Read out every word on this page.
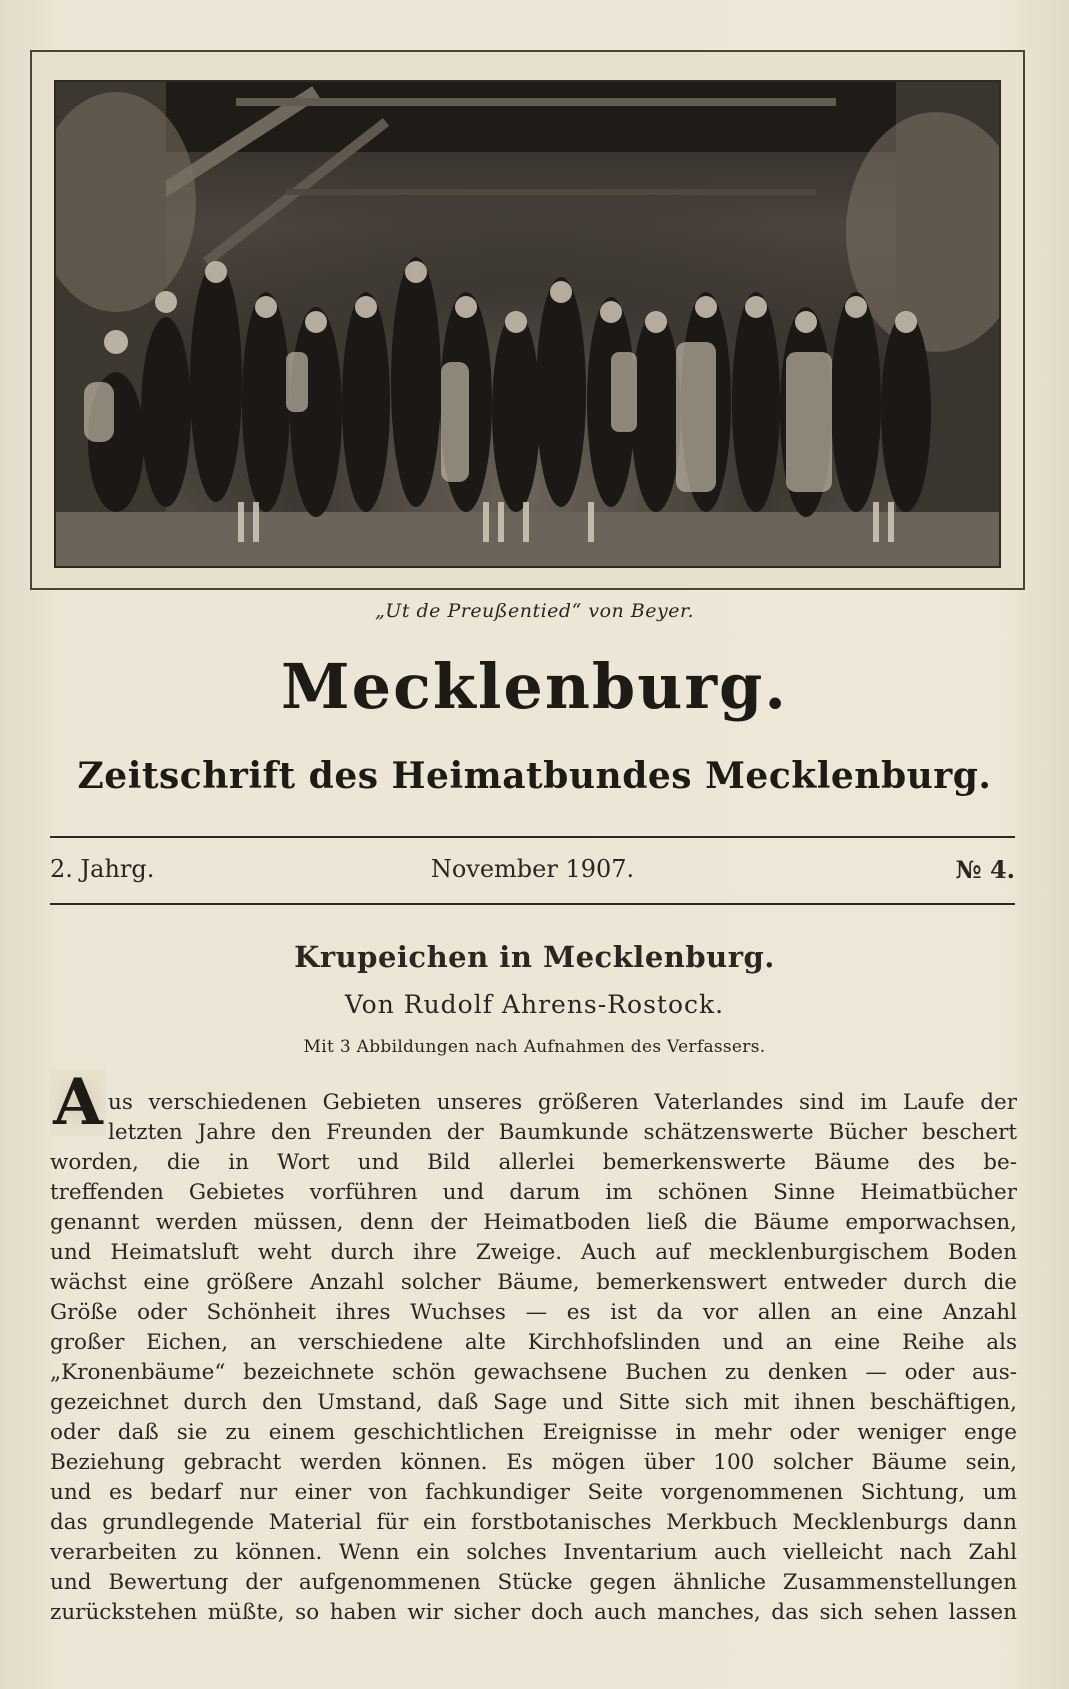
„Ut de Preußentied“ von Beyer.
Mecklenburg.
Zeitschrift des Heimatbundes Mecklenburg.
2. Jahrg.	November 1907.	№ 4.
Krupeichen in Mecklenburg.
Von Rudolf Ahrens-Rostock.
Mit 3 Abbildungen nach Aufnahmen des Verfassers.
A us verschiedenen Gebieten unseres größeren Vaterlandes sind im Laufe der
letzten Jahre den Freunden der Baumkunde schätzenswerte Bücher beschert
worden, die in Wort und Bild allerlei bemerkenswerte Bäume des be-
treffenden Gebietes vorführen und darum im schönen Sinne Heimatbücher
genannt werden müssen, denn der Heimatboden ließ die Bäume emporwachsen,
und Heimatsluft weht durch ihre Zweige. Auch auf mecklenburgischem Boden
wächst eine größere Anzahl solcher Bäume, bemerkenswert entweder durch die
Größe oder Schönheit ihres Wuchses — es ist da vor allen an eine Anzahl
großer Eichen, an verschiedene alte Kirchhofslinden und an eine Reihe als
„Kronenbäume“ bezeichnete schön gewachsene Buchen zu denken — oder aus-
gezeichnet durch den Umstand, daß Sage und Sitte sich mit ihnen beschäftigen,
oder daß sie zu einem geschichtlichen Ereignisse in mehr oder weniger enge
Beziehung gebracht werden können. Es mögen über 100 solcher Bäume sein,
und es bedarf nur einer von fachkundiger Seite vorgenommenen Sichtung, um
das grundlegende Material für ein forstbotanisches Merkbuch Mecklenburgs dann
verarbeiten zu können. Wenn ein solches Inventarium auch vielleicht nach Zahl
und Bewertung der aufgenommenen Stücke gegen ähnliche Zusammenstellungen
zurückstehen müßte, so haben wir sicher doch auch manches, das sich sehen lassen
